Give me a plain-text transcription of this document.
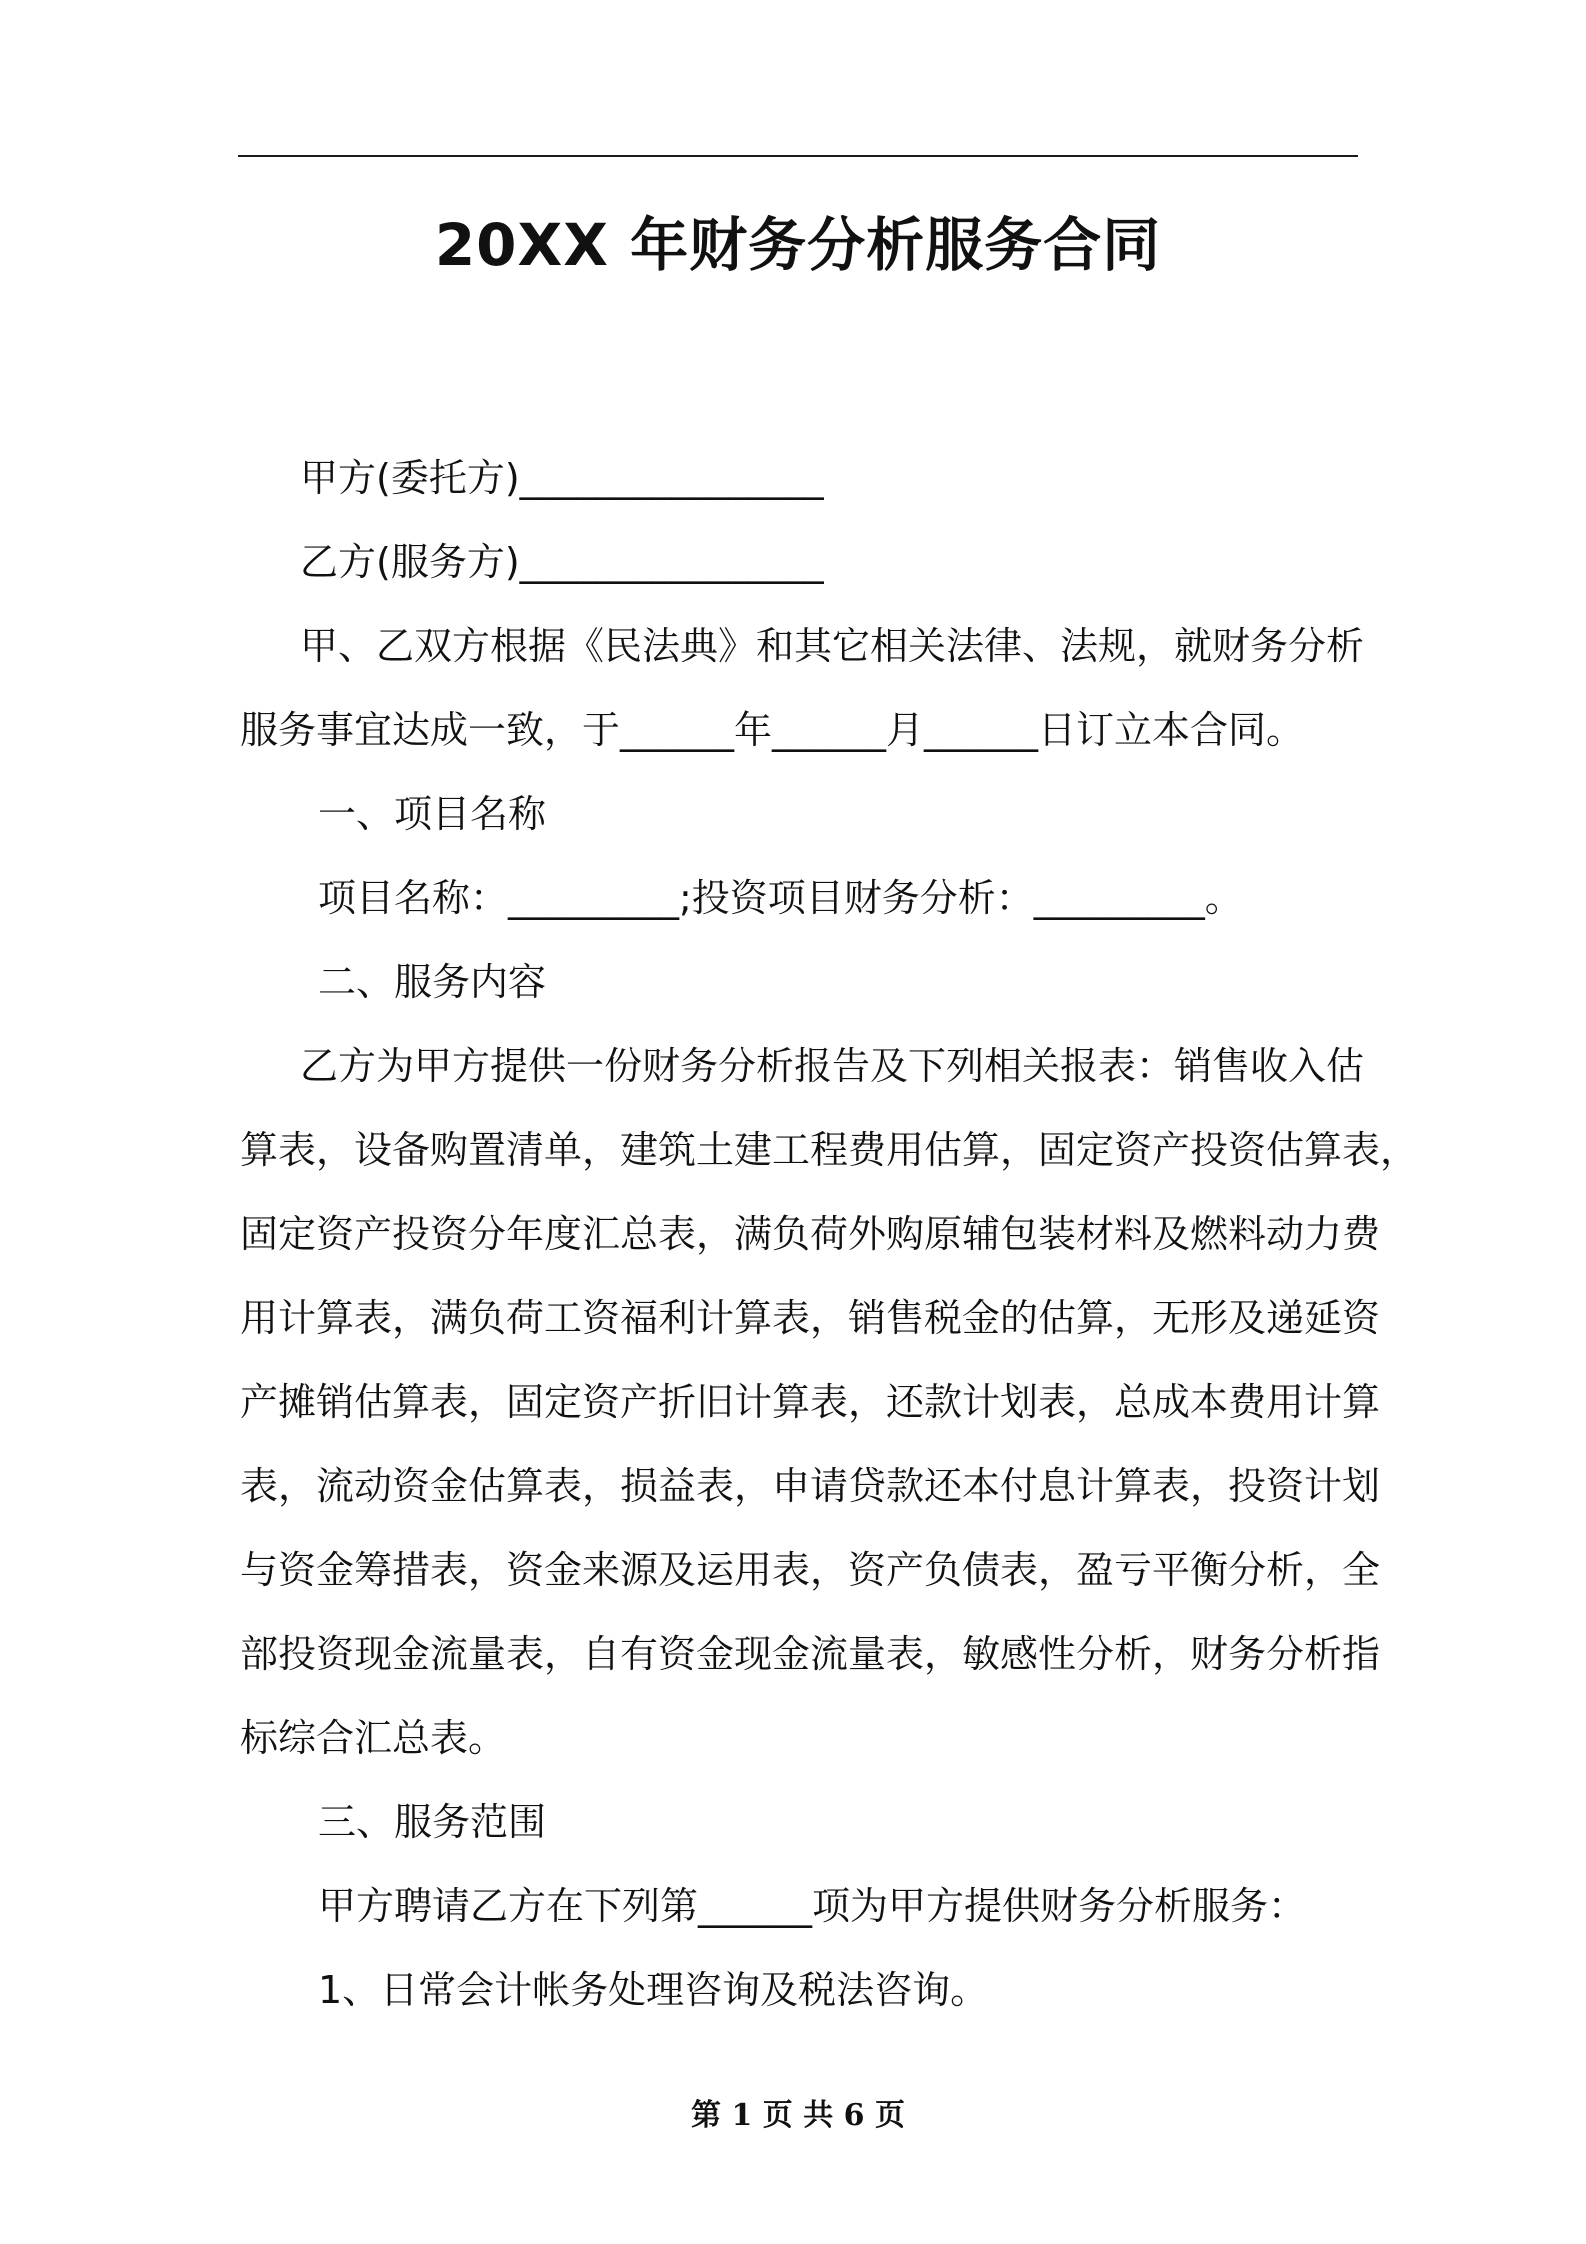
20XX 年财务分析服务合同
甲方(委托方)________________
乙方(服务方)________________
甲、乙双方根据《民法典》和其它相关法律、法规，就财务分析
服务事宜达成一致，于______年______月______日订立本合同。
一、项目名称
项目名称：_________;投资项目财务分析：_________。
二、服务内容
乙方为甲方提供一份财务分析报告及下列相关报表：销售收入估
算表，设备购置清单，建筑土建工程费用估算，固定资产投资估算表，
固定资产投资分年度汇总表，满负荷外购原辅包装材料及燃料动力费
用计算表，满负荷工资福利计算表，销售税金的估算，无形及递延资
产摊销估算表，固定资产折旧计算表，还款计划表，总成本费用计算
表，流动资金估算表，损益表，申请贷款还本付息计算表，投资计划
与资金筹措表，资金来源及运用表，资产负债表，盈亏平衡分析，全
部投资现金流量表，自有资金现金流量表，敏感性分析，财务分析指
标综合汇总表。
三、服务范围
甲方聘请乙方在下列第______项为甲方提供财务分析服务：
1、日常会计帐务处理咨询及税法咨询。
第 1 页 共 6 页
